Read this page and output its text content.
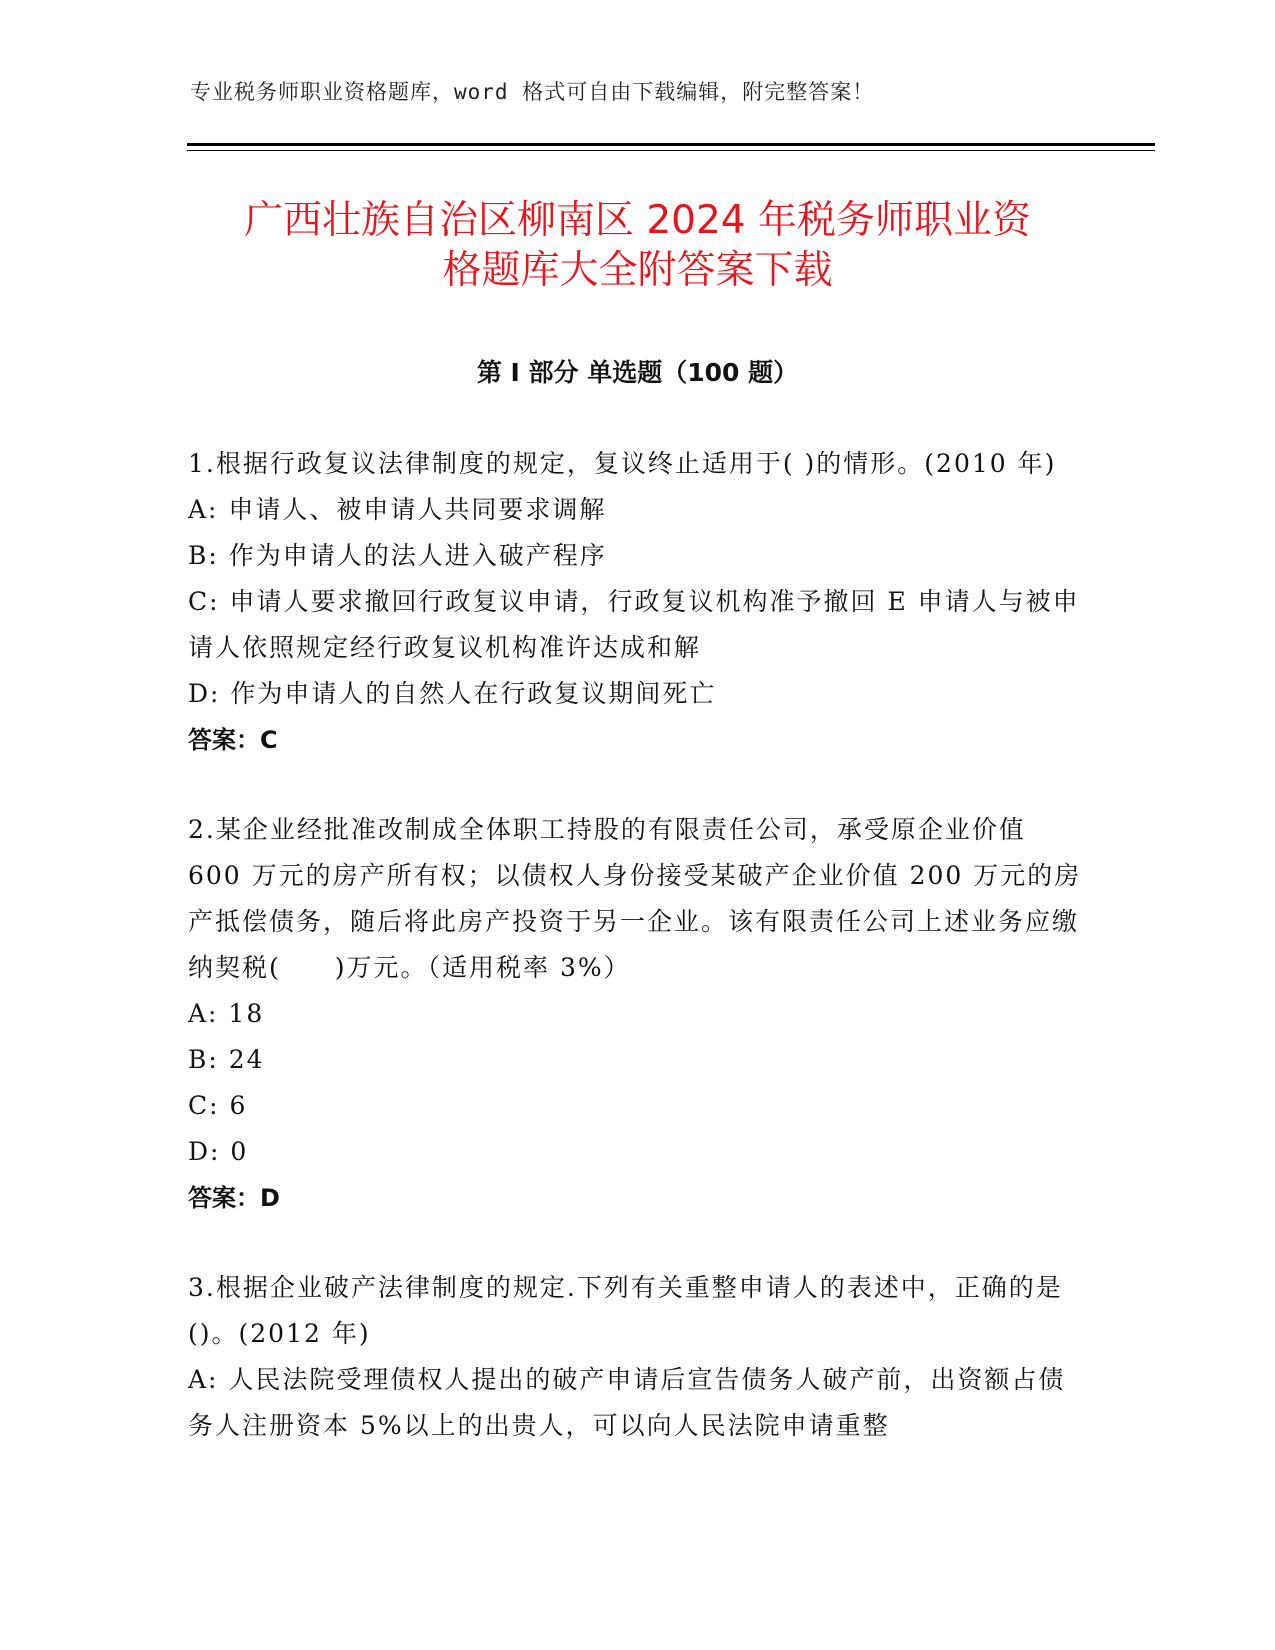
专业税务师职业资格题库，word 格式可自由下载编辑，附完整答案！
广西壮族自治区柳南区 2024 年税务师职业资
格题库大全附答案下载
第 I 部分 单选题（100 题）

1.根据行政复议法律制度的规定，复议终止适用于( )的情形。(2010 年)

A: 申请人、被申请人共同要求调解

B: 作为申请人的法人进入破产程序

C: 申请人要求撤回行政复议申请，行政复议机构准予撤回 E 申请人与被申请人依照规定经行政复议机构准许达成和解

D: 作为申请人的自然人在行政复议期间死亡

答案：C

2.某企业经批准改制成全体职工持股的有限责任公司，承受原企业价值 600 万元的房产所有权；以债权人身份接受某破产企业价值 200 万元的房产抵偿债务，随后将此房产投资于另一企业。该有限责任公司上述业务应缴纳契税(　　)万元。（适用税率 3%）

A: 18

B: 24

C: 6

D: 0

答案：D

3.根据企业破产法律制度的规定.下列有关重整申请人的表述中，正确的是()。(2012 年)

A: 人民法院受理债权人提出的破产申请后宣告债务人破产前，出资额占债务人注册资本 5%以上的出贵人，可以向人民法院申请重整
